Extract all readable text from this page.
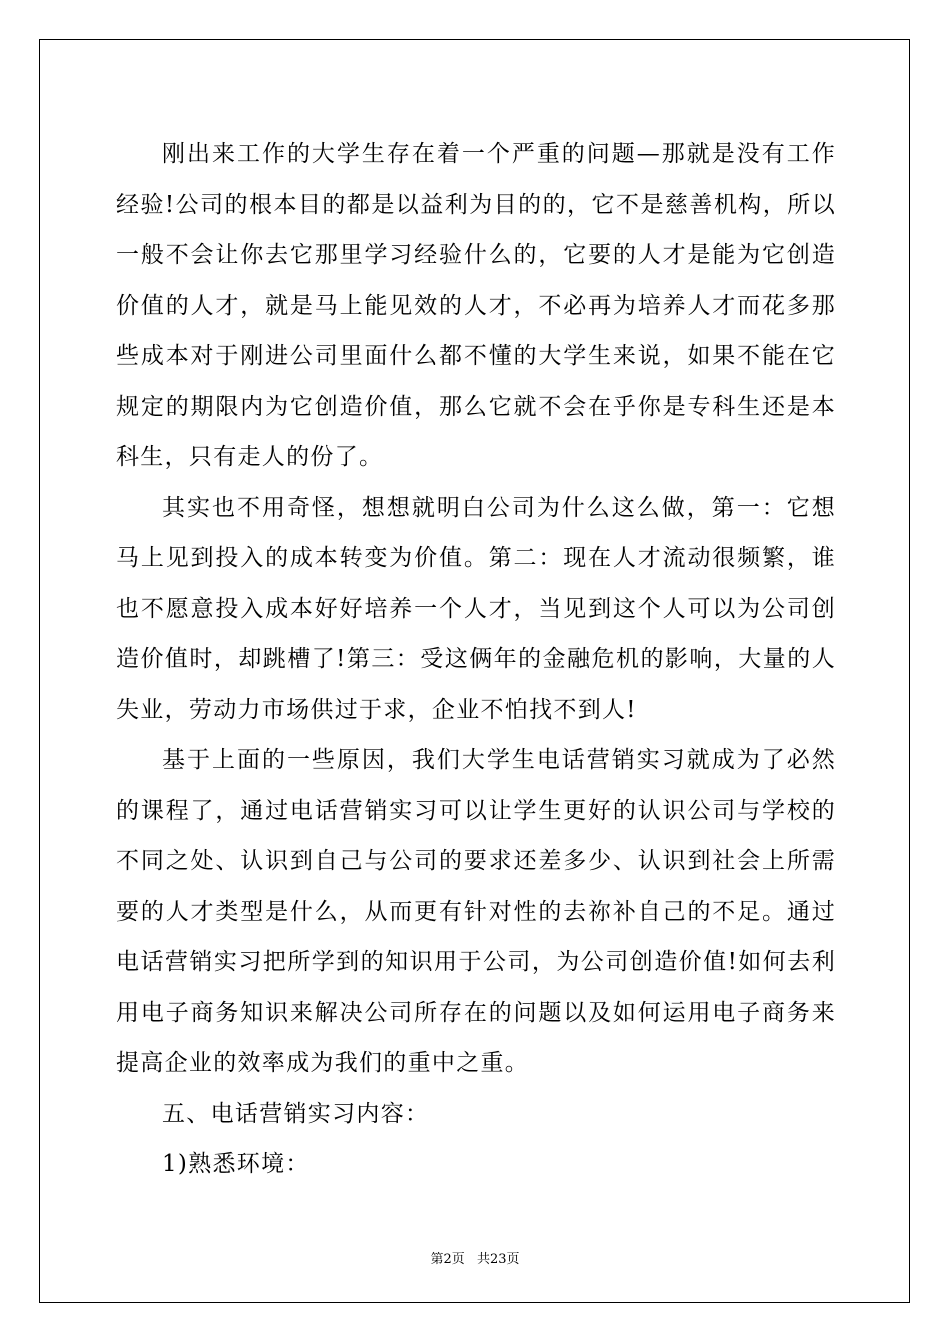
刚出来工作的大学生存在着一个严重的问题—那就是没有工作经验!公司的根本目的都是以益利为目的的，它不是慈善机构，所以一般不会让你去它那里学习经验什么的，它要的人才是能为它创造价值的人才，就是马上能见效的人才，不必再为培养人才而花多那些成本对于刚进公司里面什么都不懂的大学生来说，如果不能在它规定的期限内为它创造价值，那么它就不会在乎你是专科生还是本科生，只有走人的份了。

其实也不用奇怪，想想就明白公司为什么这么做，第一：它想马上见到投入的成本转变为价值。第二：现在人才流动很频繁，谁也不愿意投入成本好好培养一个人才，当见到这个人可以为公司创造价值时，却跳槽了!第三：受这俩年的金融危机的影响，大量的人失业，劳动力市场供过于求，企业不怕找不到人!

基于上面的一些原因，我们大学生电话营销实习就成为了必然的课程了，通过电话营销实习可以让学生更好的认识公司与学校的不同之处、认识到自己与公司的要求还差多少、认识到社会上所需要的人才类型是什么，从而更有针对性的去祢补自己的不足。通过电话营销实习把所学到的知识用于公司，为公司创造价值!如何去利用电子商务知识来解决公司所存在的问题以及如何运用电子商务来提高企业的效率成为我们的重中之重。

五、电话营销实习内容：

1)熟悉环境：

第2页 共23页
